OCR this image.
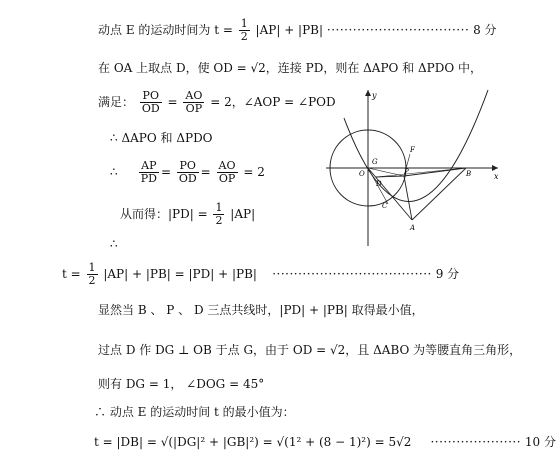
动点 E 的运动时间为 $t = \frac{1}{2} |AP| + |PB|$ ································· 8 分
在 OA 上取点 D，使 OD = √2，连接 PD，则在 ΔAPO 和 ΔPDO 中，
满足： $\frac{PO}{OD} = \frac{AO}{OP} = 2$，∠AOP = ∠POD
∴ ΔAPO 和 ΔPDO
∴ $\frac{AP}{PD} = \frac{PO}{OD} = \frac{AO}{OP} = 2$
从而得：$|PD| = \frac{1}{2} |AP|$
∴
$t = \frac{1}{2} |AP| + |PB| = |PD| + |PB|$ ····································· 9 分
显然当 B 、 P 、 D 三点共线时，|PD| + |PB| 取得最小值，
过点 D 作 DG ⊥ OB 于点 G，由于 OD = √2，且 ΔABO 为等腰直角三角形，
则有 DG = 1， ∠DOG = 45°
∴ 动点 E 的运动时间 t 的最小值为：
t = |DB| = √(|DG|² + |GB|²) = √(1² + (8 − 1)²) = 5√2 ····················· 10 分
y
x
O
G
D
P
F
C
A
B
